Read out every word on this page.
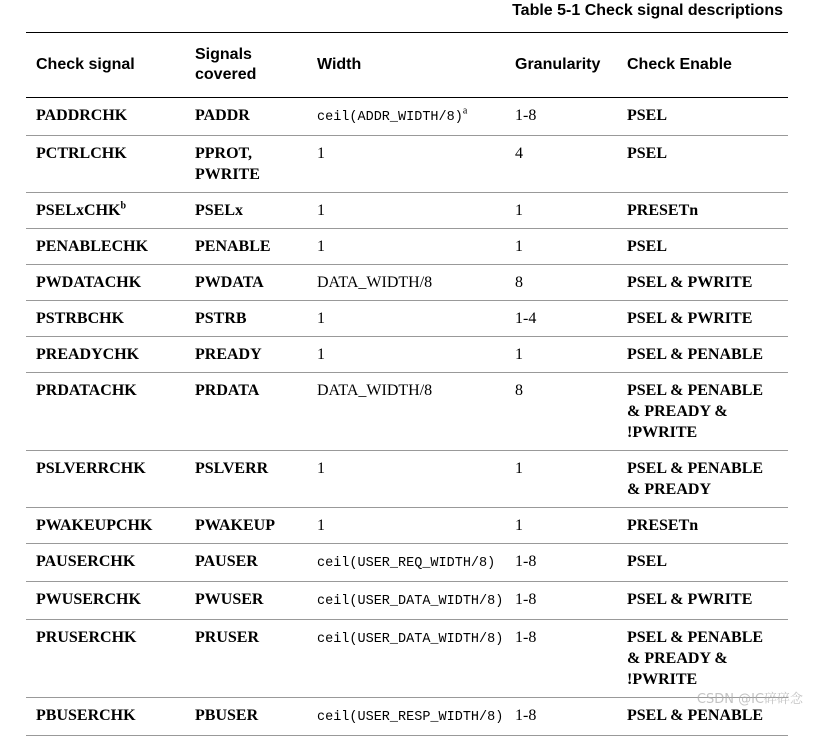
Table 5-1 Check signal descriptions
Check signal	Signals covered	Width	Granularity	Check Enable
PADDRCHK	PADDR	ceil(ADDR_WIDTH/8)$^a$	1-8	PSEL
PCTRLCHK	PPROT, PWRITE	1	4	PSEL
PSELxCHK$^b$	PSELx	1	1	PRESETn
PENABLECHK	PENABLE	1	1	PSEL
PWDATACHK	PWDATA	DATA_WIDTH/8	8	PSEL & PWRITE
PSTRBCHK	PSTRB	1	1-4	PSEL & PWRITE
PREADYCHK	PREADY	1	1	PSEL & PENABLE
PRDATACHK	PRDATA	DATA_WIDTH/8	8	PSEL & PENABLE & PREADY & !PWRITE
PSLVERRCHK	PSLVERR	1	1	PSEL & PENABLE & PREADY
PWAKEUPCHK	PWAKEUP	1	1	PRESETn
PAUSERCHK	PAUSER	ceil(USER_REQ_WIDTH/8)	1-8	PSEL
PWUSERCHK	PWUSER	ceil(USER_DATA_WIDTH/8)	1-8	PSEL & PWRITE
PRUSERCHK	PRUSER	ceil(USER_DATA_WIDTH/8)	1-8	PSEL & PENABLE & PREADY & !PWRITE
PBUSERCHK	PBUSER	ceil(USER_RESP_WIDTH/8)	1-8	PSEL & PENABLE
CSDN @IC碎碎念
